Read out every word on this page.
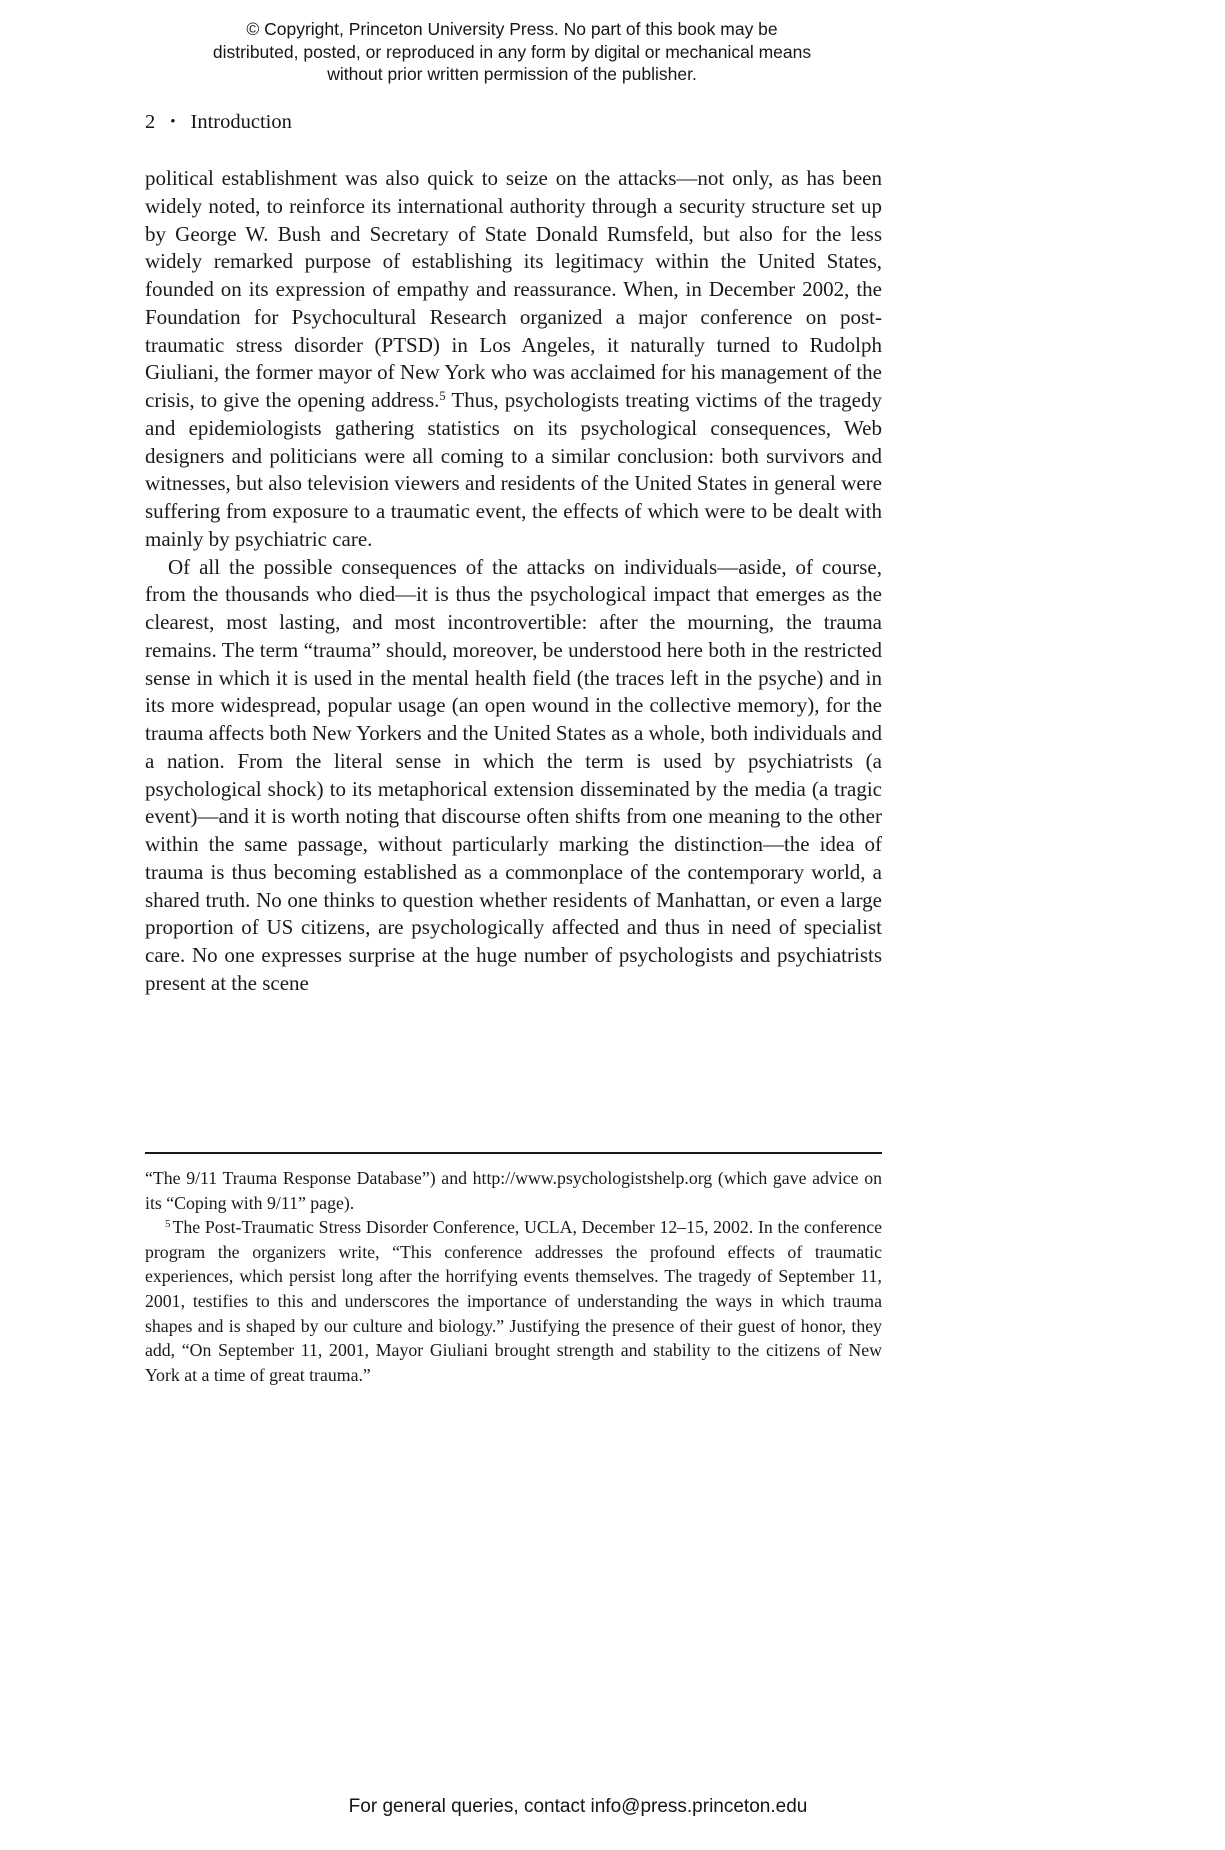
© Copyright, Princeton University Press. No part of this book may be distributed, posted, or reproduced in any form by digital or mechanical means without prior written permission of the publisher.
2 • Introduction

political establishment was also quick to seize on the attacks—not only, as has been widely noted, to reinforce its international authority through a security structure set up by George W. Bush and Secretary of State Donald Rumsfeld, but also for the less widely remarked purpose of establishing its legitimacy within the United States, founded on its expression of empathy and reassurance. When, in December 2002, the Foundation for Psychocultural Research organized a major conference on post-traumatic stress disorder (PTSD) in Los Angeles, it naturally turned to Rudolph Giuliani, the former mayor of New York who was acclaimed for his management of the crisis, to give the opening address.$^5$ Thus, psychologists treating victims of the tragedy and epidemiologists gathering statistics on its psychological consequences, Web designers and politicians were all coming to a similar conclusion: both survivors and witnesses, but also television viewers and residents of the United States in general were suffering from exposure to a traumatic event, the effects of which were to be dealt with mainly by psychiatric care.

Of all the possible consequences of the attacks on individuals—aside, of course, from the thousands who died—it is thus the psychological impact that emerges as the clearest, most lasting, and most incontrovertible: after the mourning, the trauma remains. The term “trauma” should, moreover, be understood here both in the restricted sense in which it is used in the mental health field (the traces left in the psyche) and in its more widespread, popular usage (an open wound in the collective memory), for the trauma affects both New Yorkers and the United States as a whole, both individuals and a nation. From the literal sense in which the term is used by psychiatrists (a psychological shock) to its metaphorical extension disseminated by the media (a tragic event)—and it is worth noting that discourse often shifts from one meaning to the other within the same passage, without particularly marking the distinction—the idea of trauma is thus becoming established as a commonplace of the contemporary world, a shared truth. No one thinks to question whether residents of Manhattan, or even a large proportion of US citizens, are psychologically affected and thus in need of specialist care. No one expresses surprise at the huge number of psychologists and psychiatrists present at the scene

“The 9/11 Trauma Response Database”) and http://www.psychologistshelp.org (which gave advice on its “Coping with 9/11” page).

$^5$ The Post-Traumatic Stress Disorder Conference, UCLA, December 12–15, 2002. In the conference program the organizers write, “This conference addresses the profound effects of traumatic experiences, which persist long after the horrifying events themselves. The tragedy of September 11, 2001, testifies to this and underscores the importance of understanding the ways in which trauma shapes and is shaped by our culture and biology.” Justifying the presence of their guest of honor, they add, “On September 11, 2001, Mayor Giuliani brought strength and stability to the citizens of New York at a time of great trauma.”

For general queries, contact info@press.princeton.edu
